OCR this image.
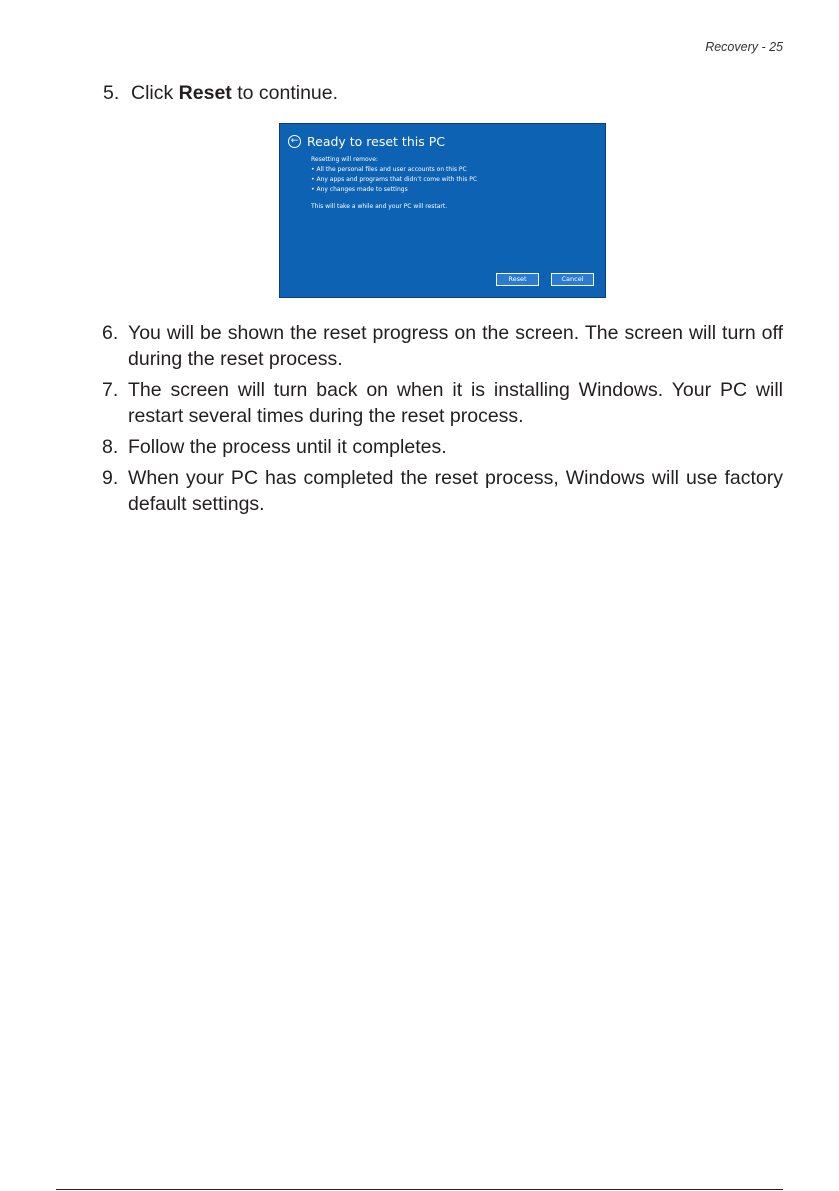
Recovery - 25
5. Click Reset to continue.
← Ready to reset this PC
Resetting will remove:
• All the personal files and user accounts on this PC
• Any apps and programs that didn’t come with this PC
• Any changes made to settings
This will take a while and your PC will restart.
Reset	Cancel
6. You will be shown the reset progress on the screen. The screen will turn off during the reset process.
7. The screen will turn back on when it is installing Windows. Your PC will restart several times during the reset process.
8. Follow the process until it completes.
9. When your PC has completed the reset process, Windows will use factory default settings.
